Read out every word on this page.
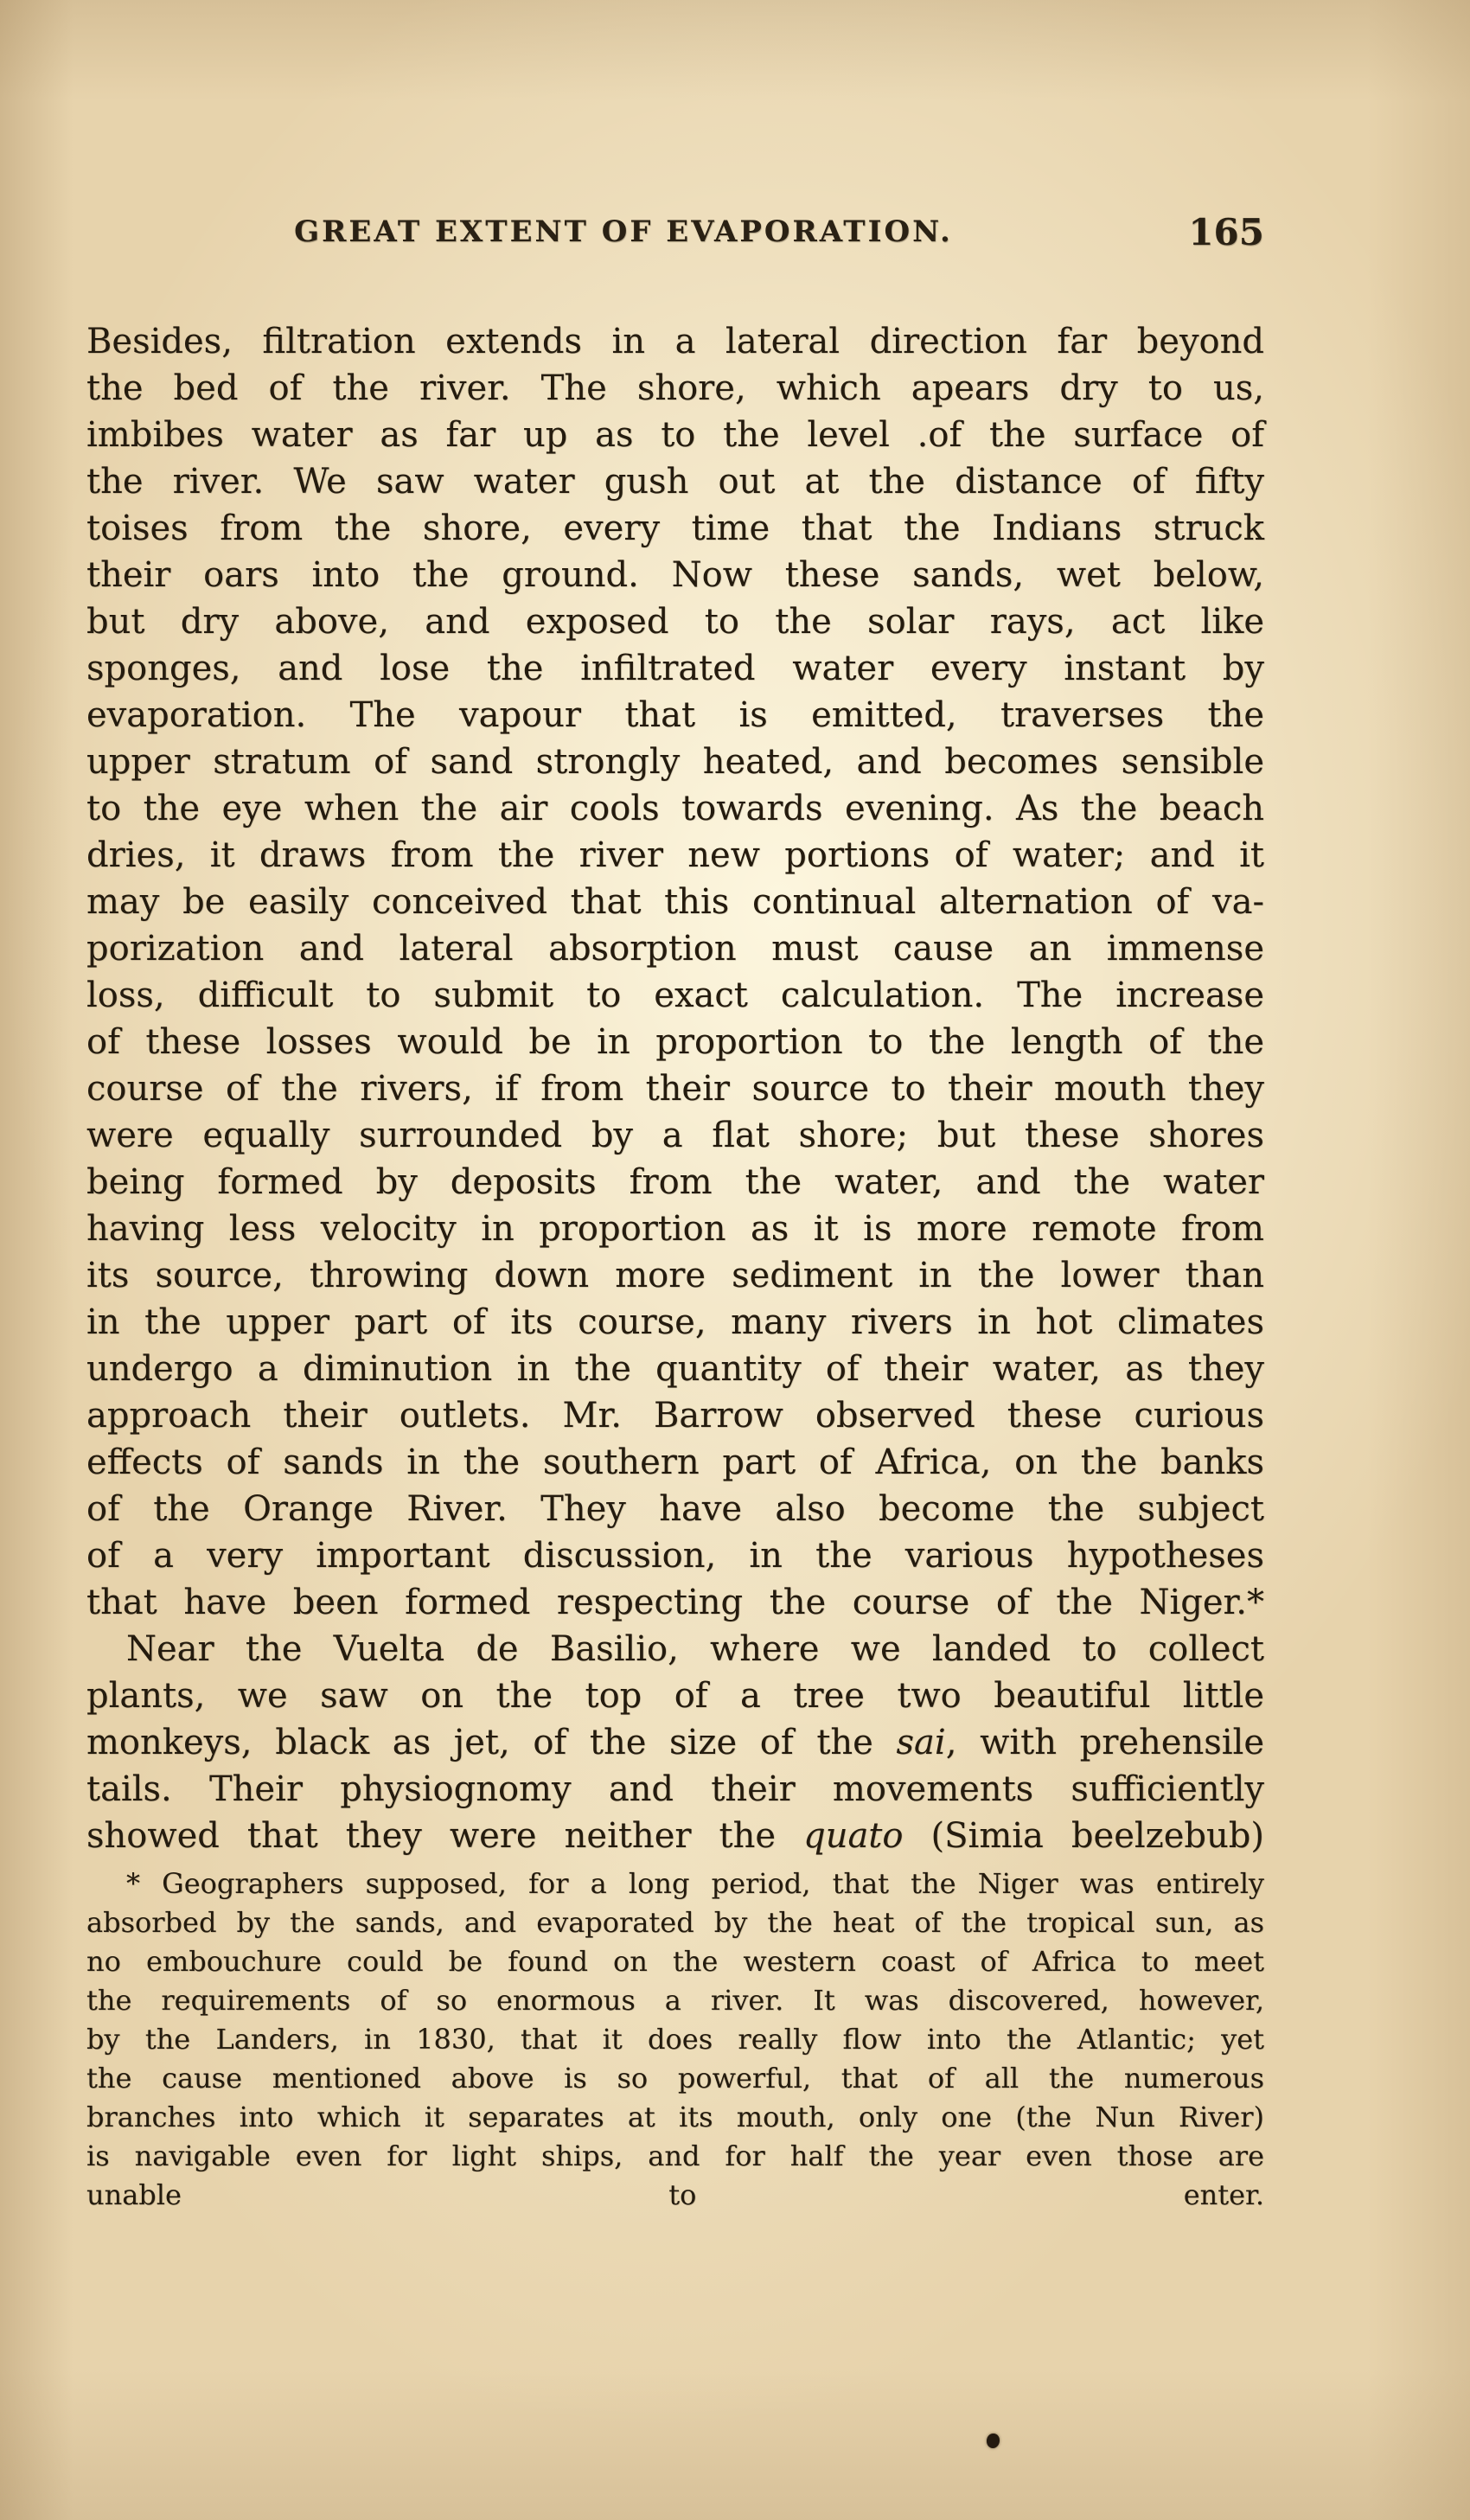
GREAT EXTENT OF EVAPORATION.	165
Besides, filtration extends in a lateral direction far beyond
the bed of the river. The shore, which apears dry to us,
imbibes water as far up as to the level .of the surface of
the river. We saw water gush out at the distance of fifty
toises from the shore, every time that the Indians struck
their oars into the ground. Now these sands, wet below,
but dry above, and exposed to the solar rays, act like
sponges, and lose the infiltrated water every instant by
evaporation. The vapour that is emitted, traverses the
upper stratum of sand strongly heated, and becomes sensible
to the eye when the air cools towards evening. As the beach
dries, it draws from the river new portions of water; and it
may be easily conceived that this continual alternation of va-
porization and lateral absorption must cause an immense
loss, difficult to submit to exact calculation. The increase
of these losses would be in proportion to the length of the
course of the rivers, if from their source to their mouth they
were equally surrounded by a flat shore; but these shores
being formed by deposits from the water, and the water
having less velocity in proportion as it is more remote from
its source, throwing down more sediment in the lower than
in the upper part of its course, many rivers in hot climates
undergo a diminution in the quantity of their water, as they
approach their outlets. Mr. Barrow observed these curious
effects of sands in the southern part of Africa, on the banks
of the Orange River. They have also become the subject
of a very important discussion, in the various hypotheses
that have been formed respecting the course of the Niger.*
Near the Vuelta de Basilio, where we landed to collect
plants, we saw on the top of a tree two beautiful little
monkeys, black as jet, of the size of the sai, with prehensile
tails. Their physiognomy and their movements sufficiently
showed that they were neither the quato (Simia beelzebub)
* Geographers supposed, for a long period, that the Niger was entirely
absorbed by the sands, and evaporated by the heat of the tropical sun, as
no embouchure could be found on the western coast of Africa to meet
the requirements of so enormous a river. It was discovered, however,
by the Landers, in 1830, that it does really flow into the Atlantic; yet
the cause mentioned above is so powerful, that of all the numerous
branches into which it separates at its mouth, only one (the Nun River)
is navigable even for light ships, and for half the year even those are
unable to enter.
